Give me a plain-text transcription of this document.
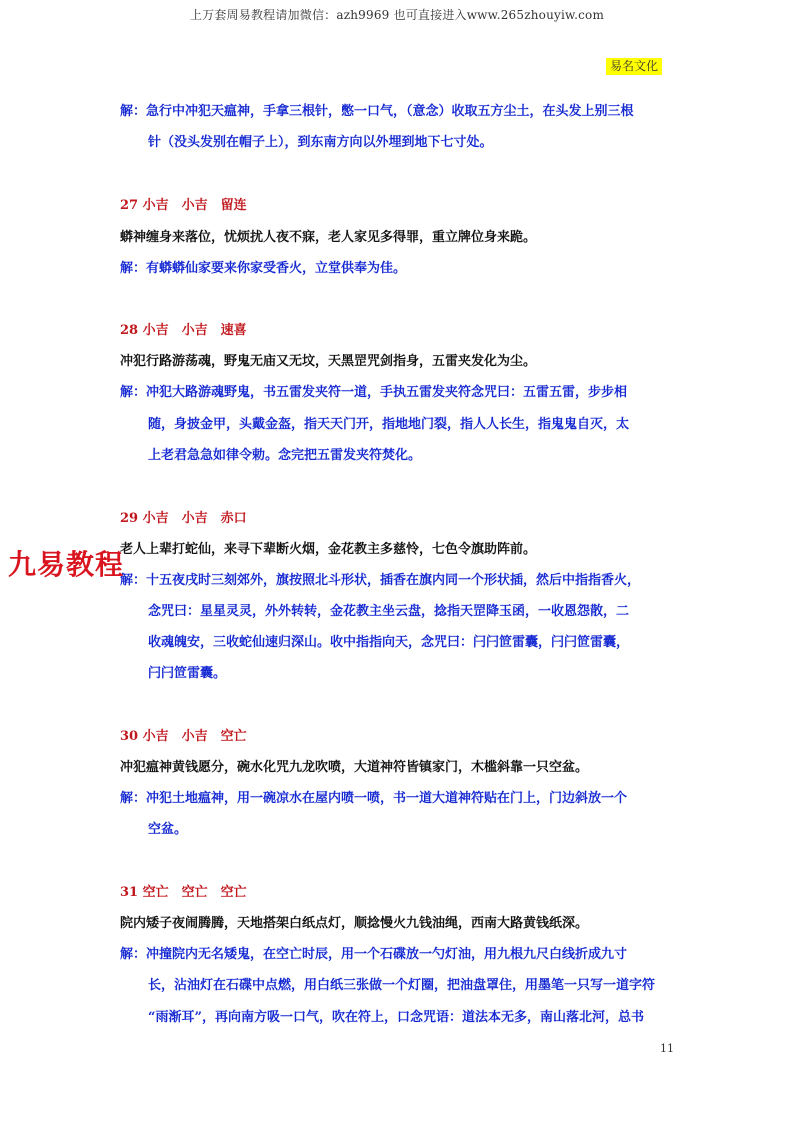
上万套周易教程请加微信：azh9969 也可直接进入www.265zhouyiw.com
易名文化
解：急行中冲犯天瘟神，手拿三根针，憋一口气，（意念）收取五方尘土，在头发上别三根
针（没头发别在帽子上），到东南方向以外埋到地下七寸处。
27 小吉　小吉　留连
蟒神缠身来落位，忧烦扰人夜不寐，老人家见多得罪，重立牌位身来跪。
解：有蟒蟒仙家要来你家受香火，立堂供奉为佳。
28 小吉　小吉　速喜
冲犯行路游荡魂，野鬼无庙又无坟，天黑罡咒剑指身，五雷夹发化为尘。
解：冲犯大路游魂野鬼，书五雷发夹符一道，手执五雷发夹符念咒曰：五雷五雷，步步相
随，身披金甲，头戴金盔，指天天门开，指地地门裂，指人人长生，指鬼鬼自灭，太
上老君急急如律令勅。念完把五雷发夹符焚化。
29 小吉　小吉　赤口
老人上辈打蛇仙，来寻下辈断火烟，金花教主多慈怜，七色令旗助阵前。
解：十五夜戌时三刻郊外，旗按照北斗形状，插香在旗内同一个形状插，然后中指指香火，
念咒曰：星星灵灵，外外转转，金花教主坐云盘，捻指天罡降玉函，一收恩怨散，二
收魂魄安，三收蛇仙速归深山。收中指指向天，念咒曰：闩闩笸雷囊，闩闩笸雷囊，
闩闩笸雷囊。
30 小吉　小吉　空亡
冲犯瘟神黄钱愿分，碗水化咒九龙吹喷，大道神符皆镇家门，木槛斜靠一只空盆。
解：冲犯土地瘟神，用一碗凉水在屋内喷一喷，书一道大道神符贴在门上，门边斜放一个
空盆。
31 空亡　空亡　空亡
院内矮子夜闹腾腾，天地搭架白纸点灯，顺捻慢火九钱油绳，西南大路黄钱纸深。
解：冲撞院内无名矮鬼，在空亡时辰，用一个石碟放一勺灯油，用九根九尺白线折成九寸
长，沾油灯在石碟中点燃，用白纸三张做一个灯圈，把油盘罩住，用墨笔一只写一道字符
“雨渐耳”，再向南方吸一口气，吹在符上，口念咒语：道法本无多，南山落北河，总书
九易教程
11
